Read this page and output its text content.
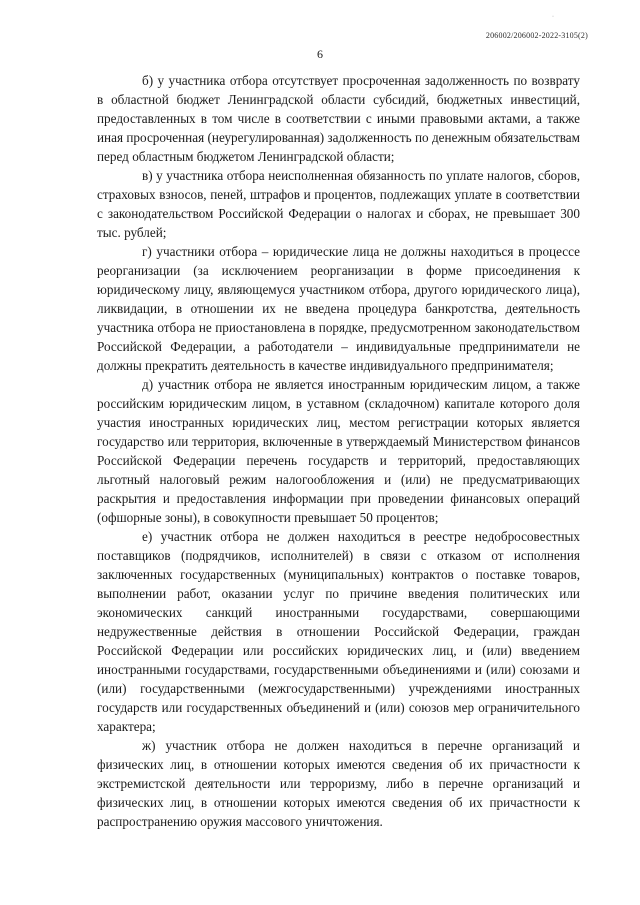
·
206002/206002-2022-3105(2)
6

б) у участника отбора отсутствует просроченная задолженность по возврату в областной бюджет Ленинградской области субсидий, бюджетных инвестиций, предоставленных в том числе в соответствии с иными правовыми актами, а также иная просроченная (неурегулированная) задолженность по денежным обязательствам перед областным бюджетом Ленинградской области;

в) у участника отбора неисполненная обязанность по уплате налогов, сборов, страховых взносов, пеней, штрафов и процентов, подлежащих уплате в соответствии с законодательством Российской Федерации о налогах и сборах, не превышает 300 тыс. рублей;

г) участники отбора – юридические лица не должны находиться в процессе реорганизации (за исключением реорганизации в форме присоединения к юридическому лицу, являющемуся участником отбора, другого юридического лица), ликвидации, в отношении их не введена процедура банкротства, деятельность участника отбора не приостановлена в порядке, предусмотренном законодательством Российской Федерации, а работодатели – индивидуальные предприниматели не должны прекратить деятельность в качестве индивидуального предпринимателя;

д) участник отбора не является иностранным юридическим лицом, а также российским юридическим лицом, в уставном (складочном) капитале которого доля участия иностранных юридических лиц, местом регистрации которых является государство или территория, включенные в утверждаемый Министерством финансов Российской Федерации перечень государств и территорий, предоставляющих льготный налоговый режим налогообложения и (или) не предусматривающих раскрытия и предоставления информации при проведении финансовых операций (офшорные зоны), в совокупности превышает 50 процентов;

е) участник отбора не должен находиться в реестре недобросовестных поставщиков (подрядчиков, исполнителей) в связи с отказом от исполнения заключенных государственных (муниципальных) контрактов о поставке товаров, выполнении работ, оказании услуг по причине введения политических или экономических санкций иностранными государствами, совершающими недружественные действия в отношении Российской Федерации, граждан Российской Федерации или российских юридических лиц, и (или) введением иностранными государствами, государственными объединениями и (или) союзами и (или) государственными (межгосударственными) учреждениями иностранных государств или государственных объединений и (или) союзов мер ограничительного характера;

ж) участник отбора не должен находиться в перечне организаций и физических лиц, в отношении которых имеются сведения об их причастности к экстремистской деятельности или терроризму, либо в перечне организаций и физических лиц, в отношении которых имеются сведения об их причастности к распространению оружия массового уничтожения.
